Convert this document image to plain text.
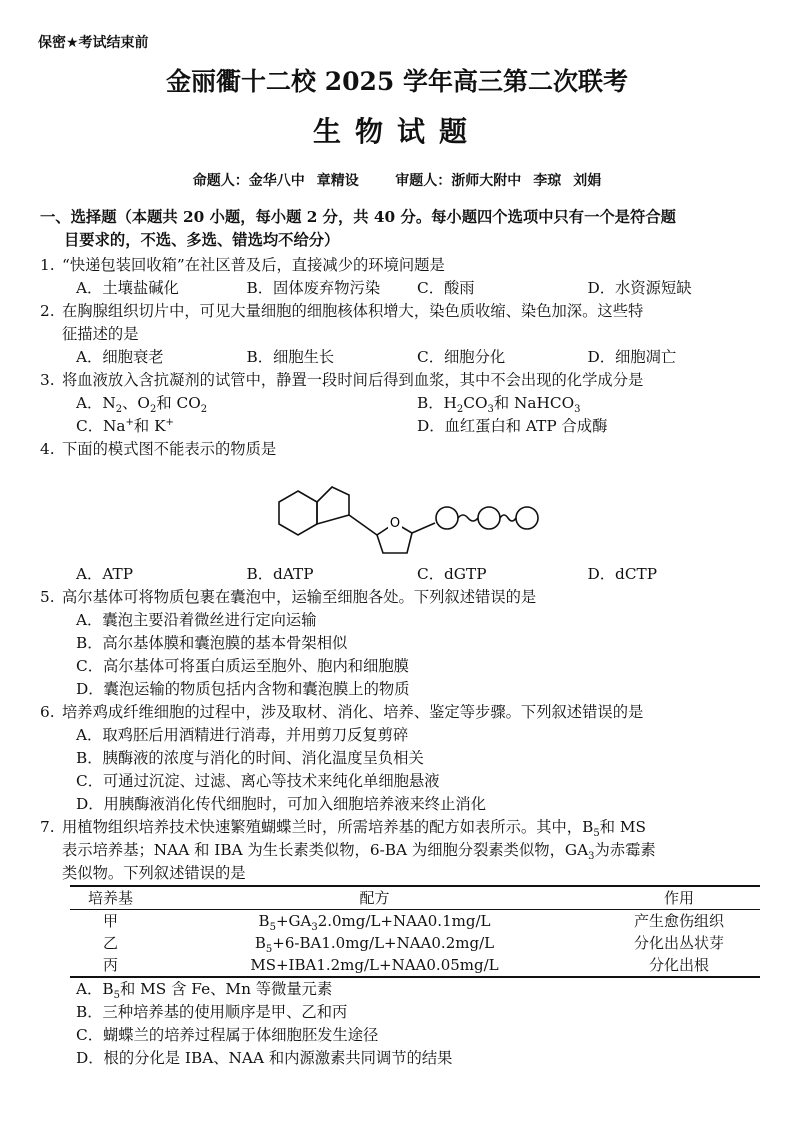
保密★考试结束前
金丽衢十二校 2025 学年高三第二次联考
生物试题
命题人：金华八中 章精设	审题人：浙师大附中 李琼 刘娟
一、选择题（本题共 20 小题，每小题 2 分，共 40 分。每小题四个选项中只有一个是符合题
目要求的，不选、多选、错选均不给分）
1. “快递包装回收箱”在社区普及后，直接减少的环境问题是
A．土壤盐碱化	B．固体废弃物污染	C．酸雨	D．水资源短缺
2. 在胸腺组织切片中，可见大量细胞的细胞核体积增大，染色质收缩、染色加深。这些特
征描述的是
A．细胞衰老	B．细胞生长	C．细胞分化	D．细胞凋亡
3. 将血液放入含抗凝剂的试管中，静置一段时间后得到血浆，其中不会出现的化学成分是
A．$N_2$、$O_2$和 $CO_2$	B．$H_2CO_3$和 NaHCO$_3$
C．Na+和 K+	D．血红蛋白和 ATP 合成酶
4. 下面的模式图不能表示的物质是
O
A．ATP	B．dATP	C．dGTP	D．dCTP
5. 高尔基体可将物质包裹在囊泡中，运输至细胞各处。下列叙述错误的是
A．囊泡主要沿着微丝进行定向运输
B．高尔基体膜和囊泡膜的基本骨架相似
C．高尔基体可将蛋白质运至胞外、胞内和细胞膜
D．囊泡运输的物质包括内含物和囊泡膜上的物质
6. 培养鸡成纤维细胞的过程中，涉及取材、消化、培养、鉴定等步骤。下列叙述错误的是
A．取鸡胚后用酒精进行消毒，并用剪刀反复剪碎
B．胰酶液的浓度与消化的时间、消化温度呈负相关
C．可通过沉淀、过滤、离心等技术来纯化单细胞悬液
D．用胰酶液消化传代细胞时，可加入细胞培养液来终止消化
7. 用植物组织培养技术快速繁殖蝴蝶兰时，所需培养基的配方如表所示。其中，$B_5$和 MS
表示培养基；NAA 和 IBA 为生长素类似物，6-BA 为细胞分裂素类似物，$GA_3$为赤霉素
类似物。下列叙述错误的是
培养基	配方	作用
甲	$B_5+GA_32.0mg/L+NAA0.1mg/L$	产生愈伤组织
乙	$B_5+6-BA1.0mg/L+NAA0.2mg/L$	分化出丛状芽
丙	MS+IBA1.2mg/L+NAA0.05mg/L	分化出根
A．$B_5$和 MS 含 Fe、Mn 等微量元素
B．三种培养基的使用顺序是甲、乙和丙
C．蝴蝶兰的培养过程属于体细胞胚发生途径
D．根的分化是 IBA、NAA 和内源激素共同调节的结果
